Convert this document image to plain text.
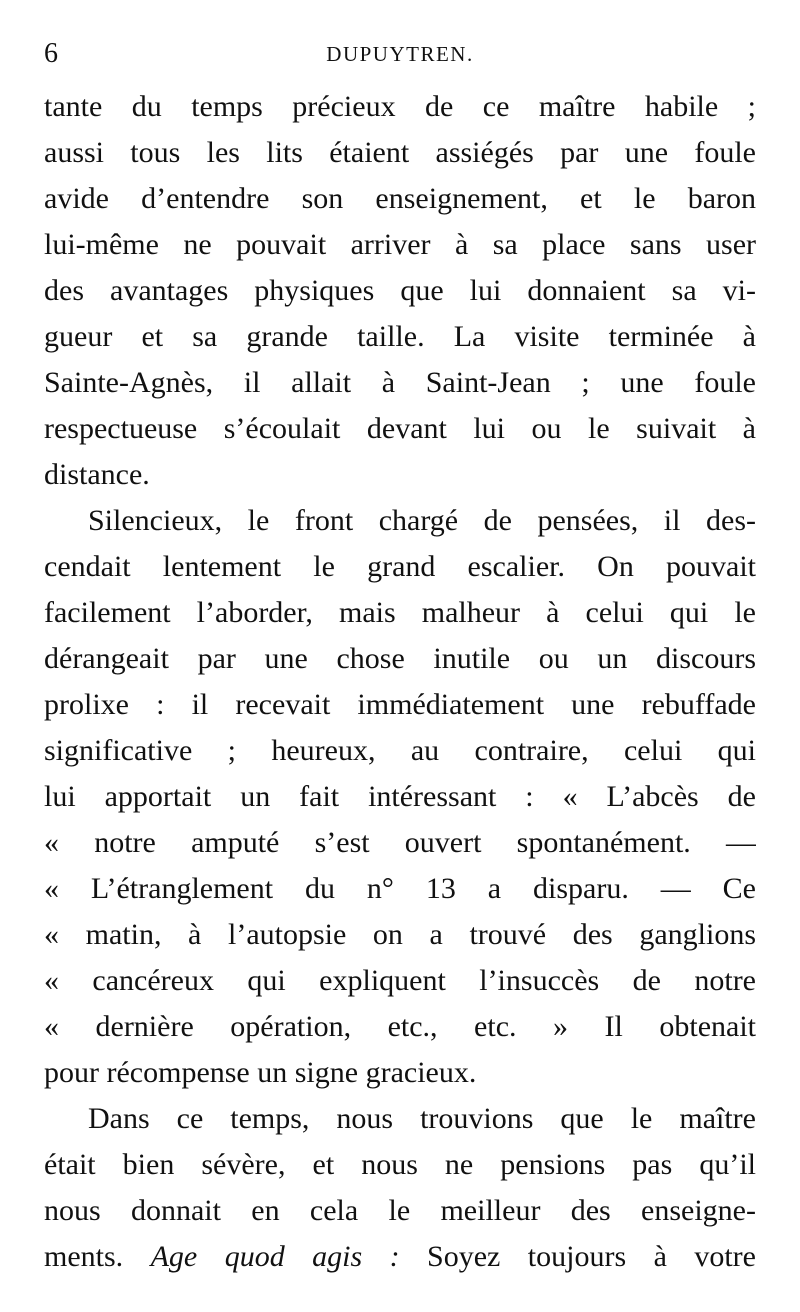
6	DUPUYTREN.
tante du temps précieux de ce maître habile ;
aussi tous les lits étaient assiégés par une foule
avide d’entendre son enseignement, et le baron
lui-même ne pouvait arriver à sa place sans user
des avantages physiques que lui donnaient sa vi-
gueur et sa grande taille. La visite terminée à
Sainte-Agnès, il allait à Saint-Jean ; une foule
respectueuse s’écoulait devant lui ou le suivait à
distance.
Silencieux, le front chargé de pensées, il des-
cendait lentement le grand escalier. On pouvait
facilement l’aborder, mais malheur à celui qui le
dérangeait par une chose inutile ou un discours
prolixe : il recevait immédiatement une rebuffade
significative ; heureux, au contraire, celui qui
lui apportait un fait intéressant : « L’abcès de
« notre amputé s’est ouvert spontanément. —
« L’étranglement du n° 13 a disparu. — Ce
« matin, à l’autopsie on a trouvé des ganglions
« cancéreux qui expliquent l’insuccès de notre
« dernière opération, etc., etc. » Il obtenait
pour récompense un signe gracieux.
Dans ce temps, nous trouvions que le maître
était bien sévère, et nous ne pensions pas qu’il
nous donnait en cela le meilleur des enseigne-
ments. Age quod agis : Soyez toujours à votre
